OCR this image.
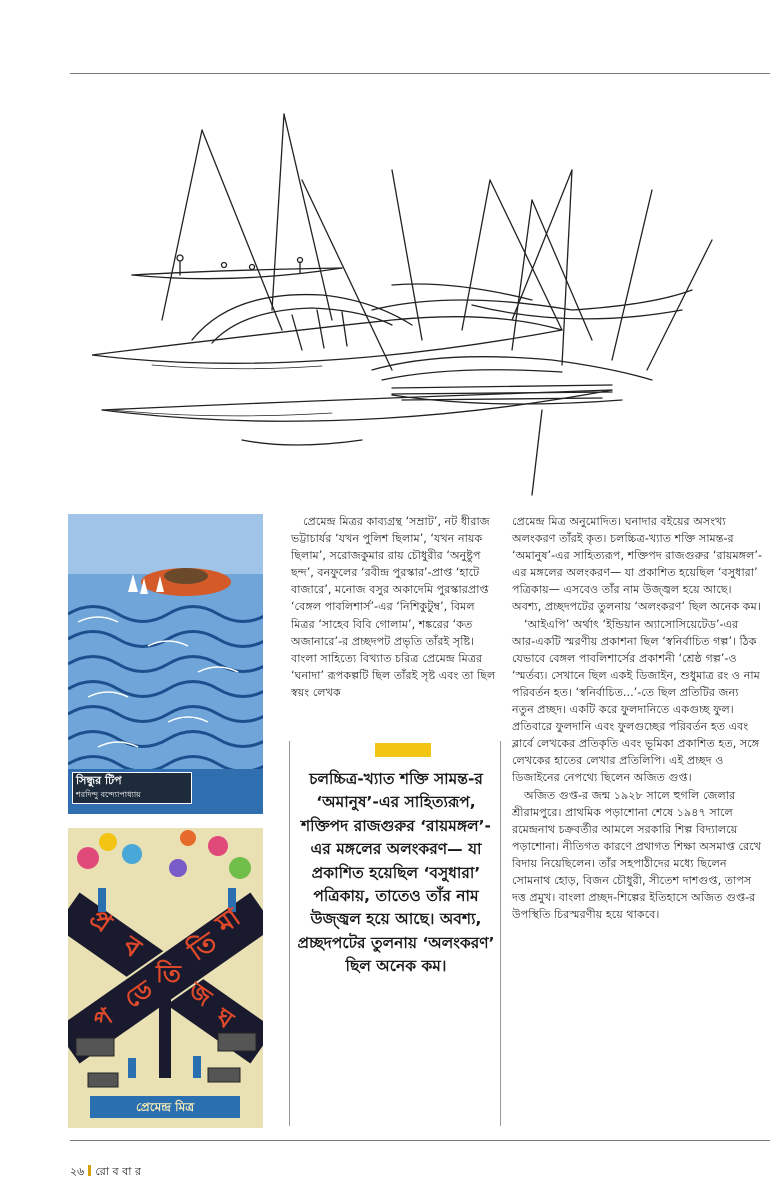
সিন্ধুর টিপ
শরদিন্দু বন্দ্যোপাধ্যায়
প্র
ব তি
মা
প
ডে
তি
জ
ঘ
প্রেমেন্দ্র মিত্র

প্রেমেন্দ্র মিত্রর কাব্যগ্রন্থ ‘সম্রাট’, নট ধীরাজ ভট্টাচার্যর ‘যখন পুলিশ ছিলাম’, ‘যখন নায়ক ছিলাম’, সরোজকুমার রায় চৌধুরীর ‘অনুষ্টুপ ছন্দ’, বনফুলের ‘রবীন্দ্র পুরস্কার’-প্রাপ্ত ‘হাটে বাজারে’, মনোজ বসুর অকাদেমি পুরস্কারপ্রাপ্ত ‘বেঙ্গল পাবলিশার্স’-এর ‘নিশিকুটুম্ব’, বিমল মিত্রর ‘সাহেব বিবি গোলাম’, শঙ্করের ‘কত অজানারে’-র প্রচ্ছদপট প্রভৃতি তাঁরই সৃষ্টি। বাংলা সাহিত্যে বিখ্যাত চরিত্র প্রেমেন্দ্র মিত্রর ‘ঘনাদা’ রূপকল্পটি ছিল তাঁরই সৃষ্ট এবং তা ছিল স্বয়ং লেখক

চলচ্চিত্র-খ্যাত শক্তি সামন্ত-র ‘অমানুষ’-এর সাহিত্যরূপ, শক্তিপদ রাজগুরুর ‘রায়মঙ্গল’-এর মঙ্গলের অলংকরণ— যা প্রকাশিত হয়েছিল ‘বসুধারা’ পত্রিকায়, তাতেও তাঁর নাম উজ্জ্বল হয়ে আছে। অবশ্য, প্রচ্ছদপটের তুলনায় ‘অলংকরণ’ ছিল অনেক কম।

প্রেমেন্দ্র মিত্র অনুমোদিত। ঘনাদার বইয়ের অসংখ্য অলংকরণ তাঁরই কৃত। চলচ্চিত্র-খ্যাত শক্তি সামন্ত-র ‘অমানুষ’-এর সাহিত্যরূপ, শক্তিপদ রাজগুরুর ‘রায়মঙ্গল’-এর মঙ্গলের অলংকরণ— যা প্রকাশিত হয়েছিল ‘বসুধারা’ পত্রিকায়— এসবেও তাঁর নাম উজ্জ্বল হয়ে আছে। অবশ্য, প্রচ্ছদপটের তুলনায় ‘অলংকরণ’ ছিল অনেক কম।

‘আইএপি’ অর্থাৎ ‘ইন্ডিয়ান অ্যাসোসিয়েটেড’-এর আর-একটি স্মরণীয় প্রকাশনা ছিল ‘স্বনির্বাচিত গল্প’। ঠিক যেভাবে বেঙ্গল পাবলিশার্সের প্রকাশনী ‘শ্রেষ্ঠ গল্প’-ও ‘স্মর্তব্য। সেখানে ছিল একই ডিজাইন, শুধুমাত্র রং ও নাম পরিবর্তন হত। ‘স্বনির্বাচিত...’-তে ছিল প্রতিটির জন্য নতুন প্রচ্ছদ। একটি করে ফুলদানিতে একগুচ্ছ ফুল। প্রতিবারে ফুলদানি এবং ফুলগুচ্ছের পরিবর্তন হত এবং ব্লার্বে লেখকের প্রতিকৃতি এবং ভূমিকা প্রকাশিত হত, সঙ্গে লেখকের হাতের লেখার প্রতিলিপি। এই প্রচ্ছদ ও ডিজাইনের নেপথ্যে ছিলেন অজিত গুপ্ত।

অজিত গুপ্ত-র জন্ম ১৯২৮ সালে হুগলি জেলার শ্রীরামপুরে। প্রাথমিক পড়াশোনা শেষে ১৯৪৭ সালে রমেন্দ্রনাথ চক্রবর্তীর আমলে সরকারি শিল্প বিদ্যালয়ে পড়াশোনা। নীতিগত কারণে প্রথাগত শিক্ষা অসমাপ্ত রেখে বিদায় নিয়েছিলেন। তাঁর সহপাঠীদের মধ্যে ছিলেন সোমনাথ হোড়, বিজন চৌধুরী, সীতেশ দাশগুপ্ত, তাপস দত্ত প্রমুখ। বাংলা প্রচ্ছদ-শিল্পের ইতিহাসে অজিত গুপ্ত-র উপস্থিতি চিরস্মরণীয় হয়ে থাকবে।

২৬ রো ব বা র
